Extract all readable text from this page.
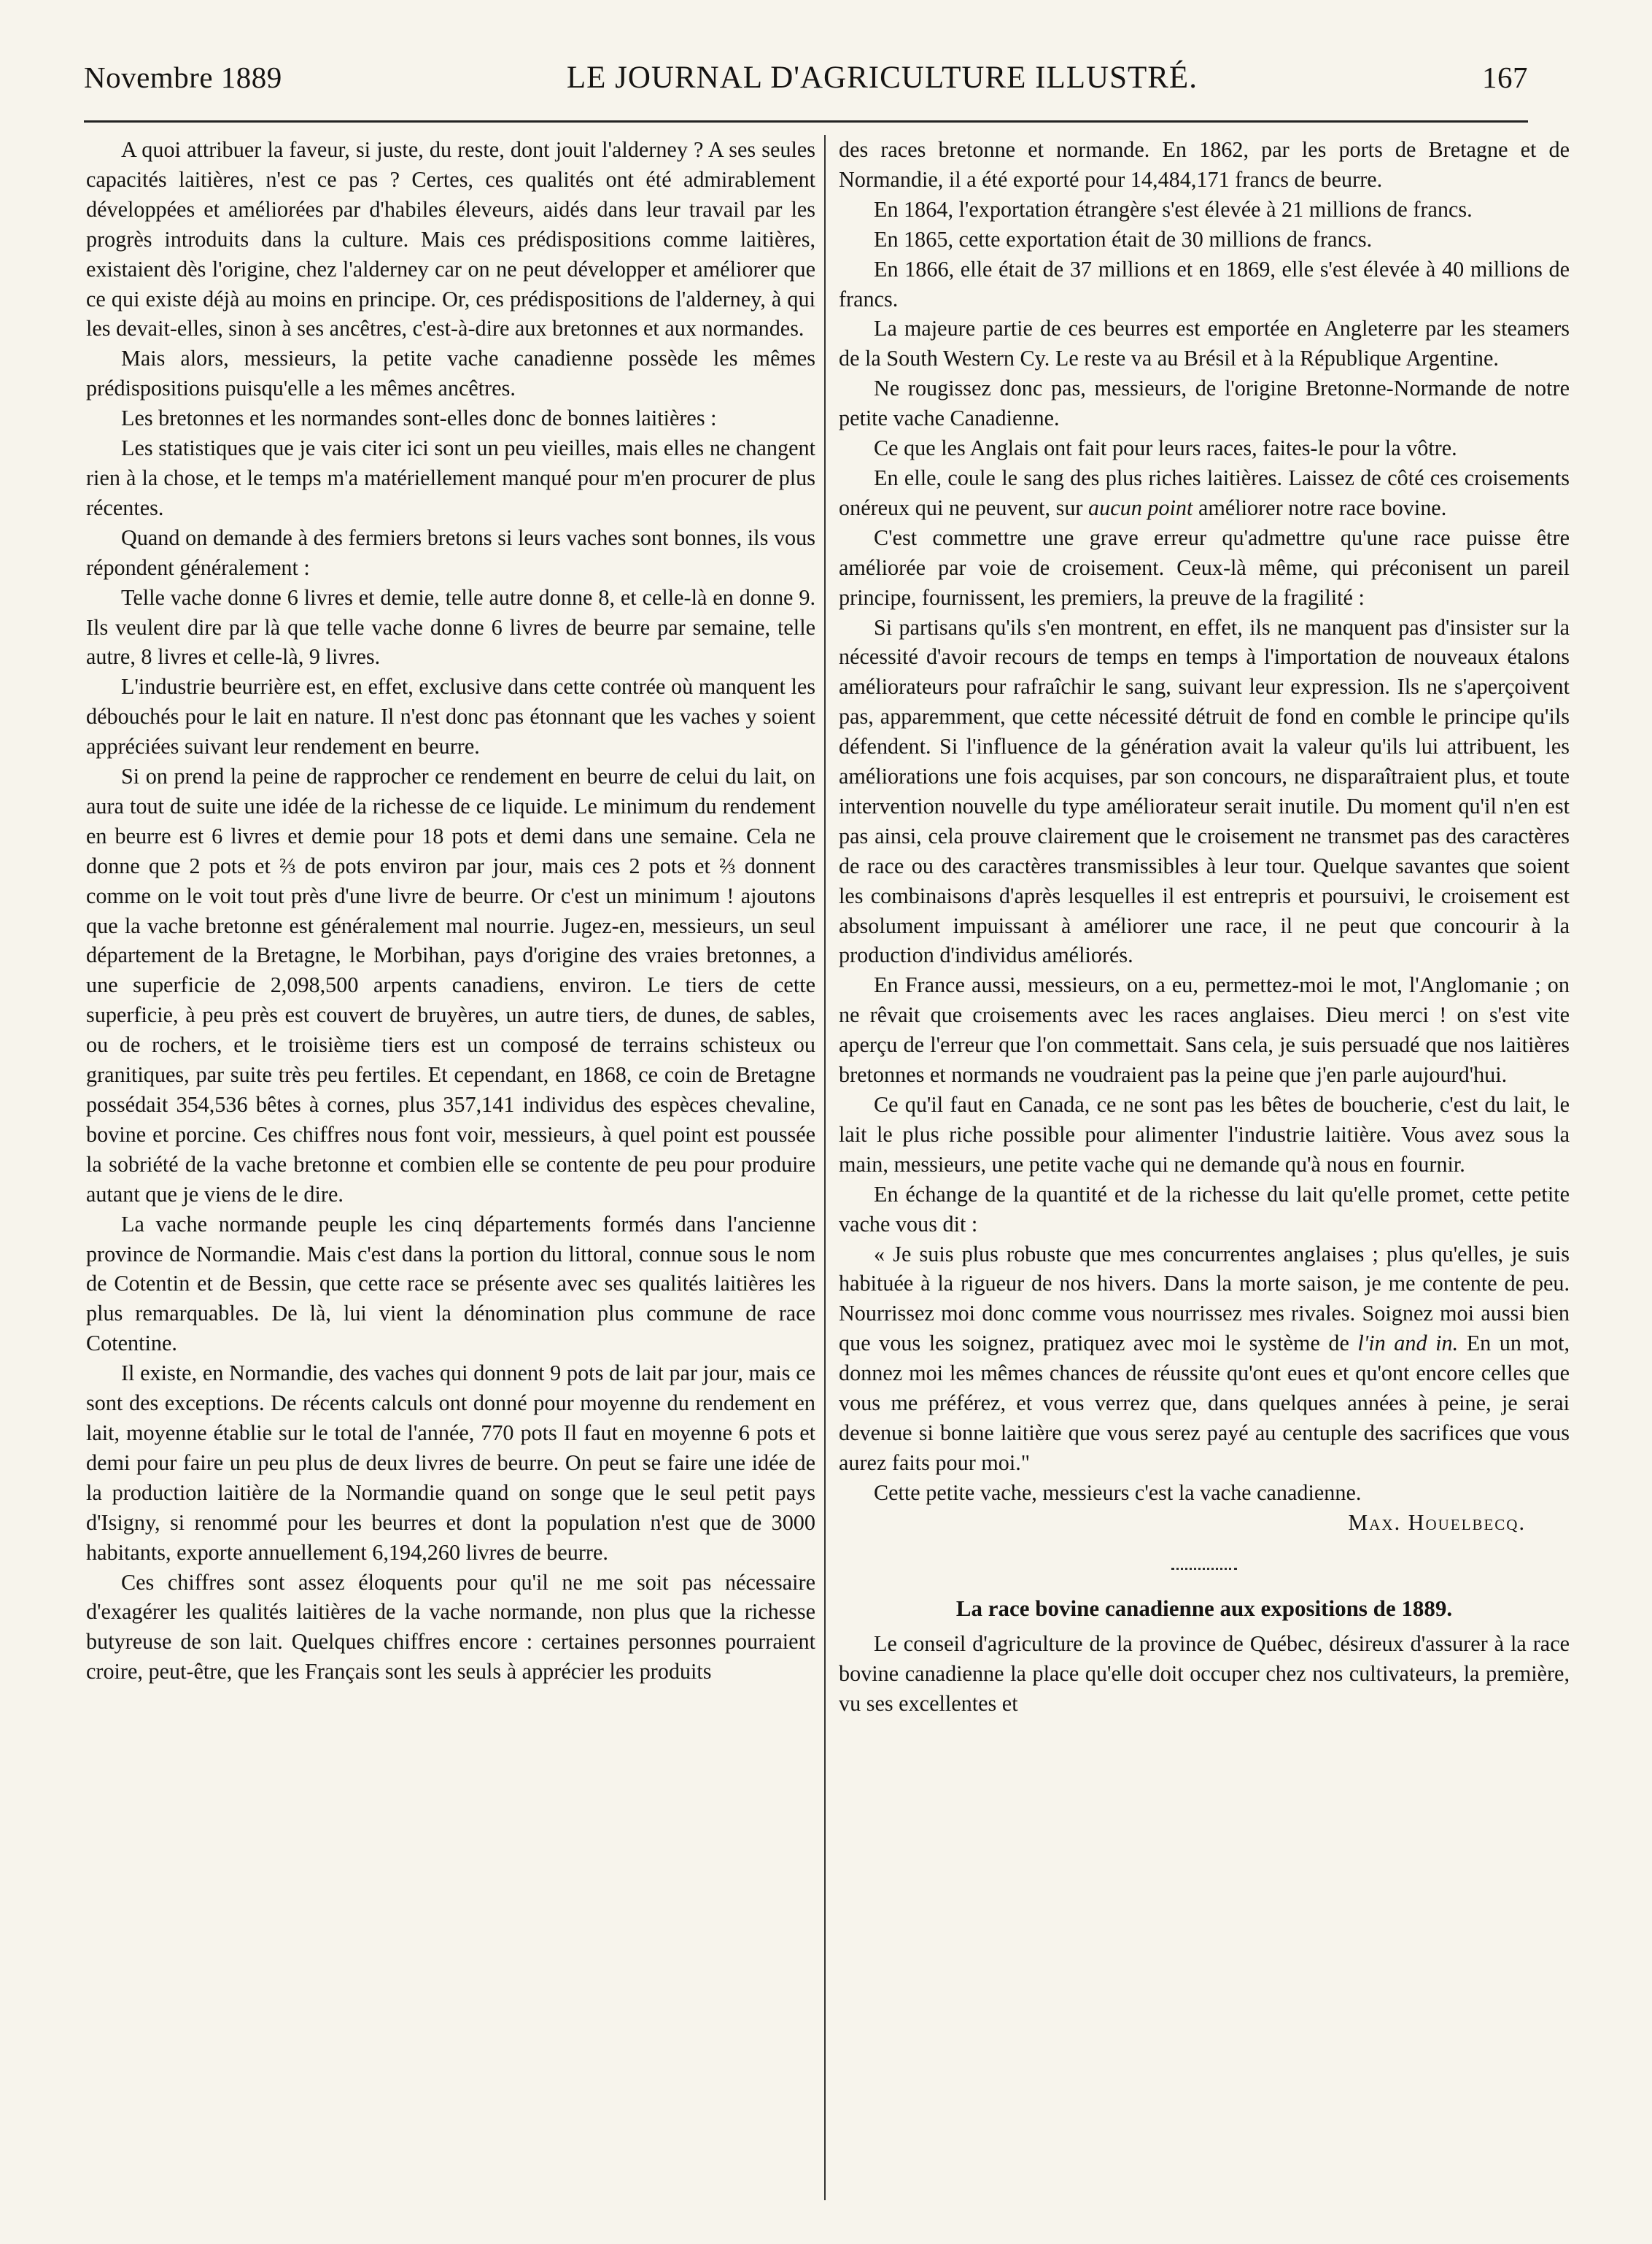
Novembre 1889	LE JOURNAL D'AGRICULTURE ILLUSTRÉ.	167

A quoi attribuer la faveur, si juste, du reste, dont jouit l'alderney ? A ses seules capacités laitières, n'est ce pas ? Certes, ces qualités ont été admirablement développées et améliorées par d'habiles éleveurs, aidés dans leur travail par les progrès introduits dans la culture. Mais ces prédispositions comme laitières, existaient dès l'origine, chez l'alderney car on ne peut développer et améliorer que ce qui existe déjà au moins en principe. Or, ces prédispositions de l'alderney, à qui les devait-elles, sinon à ses ancêtres, c'est-à-dire aux bretonnes et aux normandes.

Mais alors, messieurs, la petite vache canadienne possède les mêmes prédispositions puisqu'elle a les mêmes ancêtres.

Les bretonnes et les normandes sont-elles donc de bonnes laitières :

Les statistiques que je vais citer ici sont un peu vieilles, mais elles ne changent rien à la chose, et le temps m'a matériellement manqué pour m'en procurer de plus récentes.

Quand on demande à des fermiers bretons si leurs vaches sont bonnes, ils vous répondent généralement :

Telle vache donne 6 livres et demie, telle autre donne 8, et celle-là en donne 9. Ils veulent dire par là que telle vache donne 6 livres de beurre par semaine, telle autre, 8 livres et celle-là, 9 livres.

L'industrie beurrière est, en effet, exclusive dans cette contrée où manquent les débouchés pour le lait en nature. Il n'est donc pas étonnant que les vaches y soient appréciées suivant leur rendement en beurre.

Si on prend la peine de rapprocher ce rendement en beurre de celui du lait, on aura tout de suite une idée de la richesse de ce liquide. Le minimum du rendement en beurre est 6 livres et demie pour 18 pots et demi dans une semaine. Cela ne donne que 2 pots et ⅔ de pots environ par jour, mais ces 2 pots et ⅔ donnent comme on le voit tout près d'une livre de beurre. Or c'est un minimum ! ajoutons que la vache bretonne est généralement mal nourrie. Jugez-en, messieurs, un seul département de la Bretagne, le Morbihan, pays d'origine des vraies bretonnes, a une superficie de 2,098,500 arpents canadiens, environ. Le tiers de cette superficie, à peu près est couvert de bruyères, un autre tiers, de dunes, de sables, ou de rochers, et le troisième tiers est un composé de terrains schisteux ou granitiques, par suite très peu fertiles. Et cependant, en 1868, ce coin de Bretagne possédait 354,536 bêtes à cornes, plus 357,141 individus des espèces chevaline, bovine et porcine. Ces chiffres nous font voir, messieurs, à quel point est poussée la sobriété de la vache bretonne et combien elle se contente de peu pour produire autant que je viens de le dire.

La vache normande peuple les cinq départements formés dans l'ancienne province de Normandie. Mais c'est dans la portion du littoral, connue sous le nom de Cotentin et de Bessin, que cette race se présente avec ses qualités laitières les plus remarquables. De là, lui vient la dénomination plus commune de race Cotentine.

Il existe, en Normandie, des vaches qui donnent 9 pots de lait par jour, mais ce sont des exceptions. De récents calculs ont donné pour moyenne du rendement en lait, moyenne établie sur le total de l'année, 770 pots Il faut en moyenne 6 pots et demi pour faire un peu plus de deux livres de beurre. On peut se faire une idée de la production laitière de la Normandie quand on songe que le seul petit pays d'Isigny, si renommé pour les beurres et dont la population n'est que de 3000 habitants, exporte annuellement 6,194,260 livres de beurre.

Ces chiffres sont assez éloquents pour qu'il ne me soit pas nécessaire d'exagérer les qualités laitières de la vache normande, non plus que la richesse butyreuse de son lait. Quelques chiffres encore : certaines personnes pourraient croire, peut-être, que les Français sont les seuls à apprécier les produits

des races bretonne et normande. En 1862, par les ports de Bretagne et de Normandie, il a été exporté pour 14,484,171 francs de beurre.

En 1864, l'exportation étrangère s'est élevée à 21 millions de francs.

En 1865, cette exportation était de 30 millions de francs.

En 1866, elle était de 37 millions et en 1869, elle s'est élevée à 40 millions de francs.

La majeure partie de ces beurres est emportée en Angleterre par les steamers de la South Western Cy. Le reste va au Brésil et à la République Argentine.

Ne rougissez donc pas, messieurs, de l'origine Bretonne-Normande de notre petite vache Canadienne.

Ce que les Anglais ont fait pour leurs races, faites-le pour la vôtre.

En elle, coule le sang des plus riches laitières. Laissez de côté ces croisements onéreux qui ne peuvent, sur aucun point améliorer notre race bovine.

C'est commettre une grave erreur qu'admettre qu'une race puisse être améliorée par voie de croisement. Ceux-là même, qui préconisent un pareil principe, fournissent, les premiers, la preuve de la fragilité :

Si partisans qu'ils s'en montrent, en effet, ils ne manquent pas d'insister sur la nécessité d'avoir recours de temps en temps à l'importation de nouveaux étalons améliorateurs pour rafraîchir le sang, suivant leur expression. Ils ne s'aperçoivent pas, apparemment, que cette nécessité détruit de fond en comble le principe qu'ils défendent. Si l'influence de la génération avait la valeur qu'ils lui attribuent, les améliorations une fois acquises, par son concours, ne disparaîtraient plus, et toute intervention nouvelle du type améliorateur serait inutile. Du moment qu'il n'en est pas ainsi, cela prouve clairement que le croisement ne transmet pas des caractères de race ou des caractères transmissibles à leur tour. Quelque savantes que soient les combinaisons d'après lesquelles il est entrepris et poursuivi, le croisement est absolument impuissant à améliorer une race, il ne peut que concourir à la production d'individus améliorés.

En France aussi, messieurs, on a eu, permettez-moi le mot, l'Anglomanie ; on ne rêvait que croisements avec les races anglaises. Dieu merci ! on s'est vite aperçu de l'erreur que l'on commettait. Sans cela, je suis persuadé que nos laitières bretonnes et normands ne voudraient pas la peine que j'en parle aujourd'hui.

Ce qu'il faut en Canada, ce ne sont pas les bêtes de boucherie, c'est du lait, le lait le plus riche possible pour alimenter l'industrie laitière. Vous avez sous la main, messieurs, une petite vache qui ne demande qu'à nous en fournir.

En échange de la quantité et de la richesse du lait qu'elle promet, cette petite vache vous dit :

« Je suis plus robuste que mes concurrentes anglaises ; plus qu'elles, je suis habituée à la rigueur de nos hivers. Dans la morte saison, je me contente de peu. Nourrissez moi donc comme vous nourrissez mes rivales. Soignez moi aussi bien que vous les soignez, pratiquez avec moi le système de l'in and in. En un mot, donnez moi les mêmes chances de réussite qu'ont eues et qu'ont encore celles que vous me préférez, et vous verrez que, dans quelques années à peine, je serai devenue si bonne laitière que vous serez payé au centuple des sacrifices que vous aurez faits pour moi."

Cette petite vache, messieurs c'est la vache canadienne.

Max. Houelbecq.

La race bovine canadienne aux expositions de 1889.

Le conseil d'agriculture de la province de Québec, désireux d'assurer à la race bovine canadienne la place qu'elle doit occuper chez nos cultivateurs, la première, vu ses excellentes et
